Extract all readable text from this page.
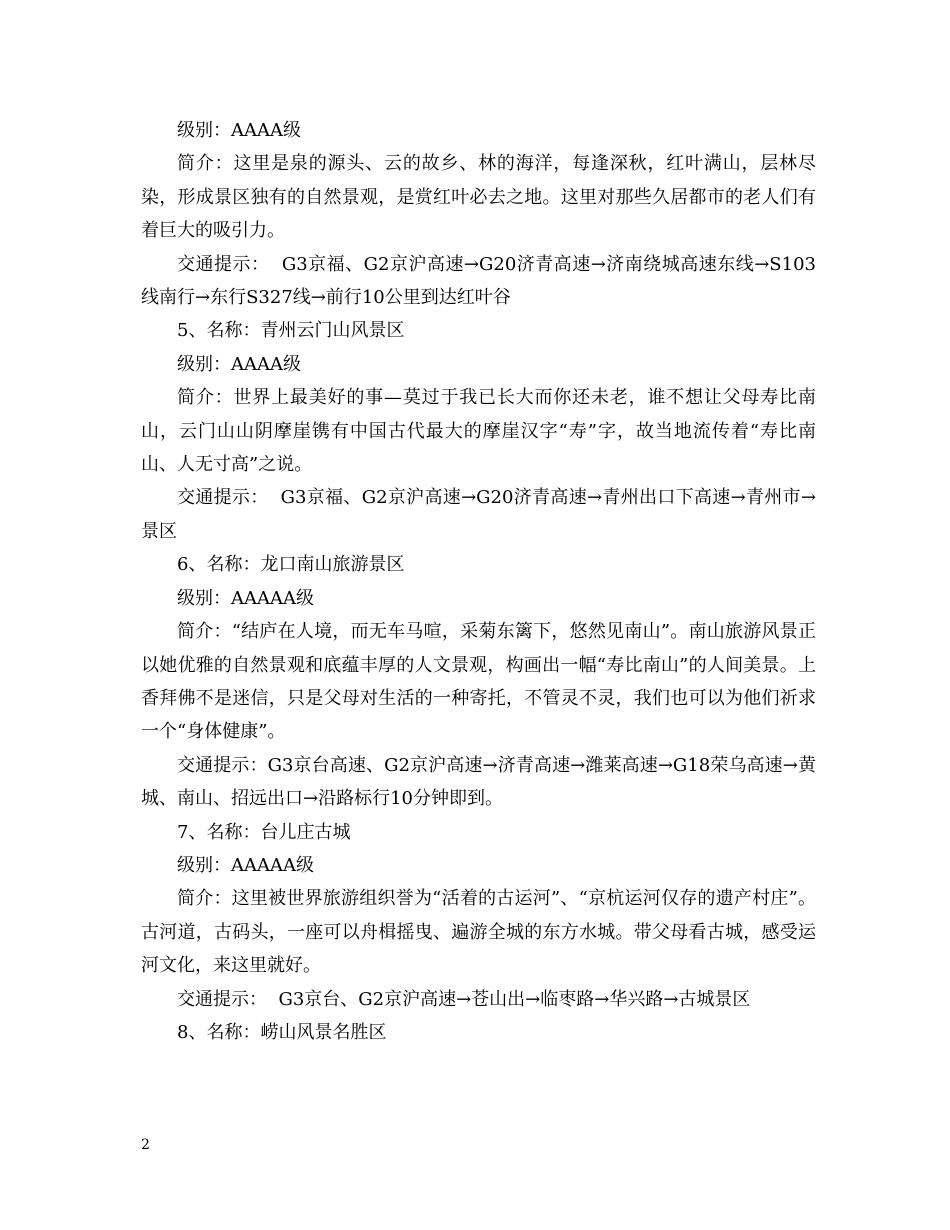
级别：AAAA级

简介：这里是泉的源头、云的故乡、林的海洋，每逢深秋，红叶满山，层林尽染，形成景区独有的自然景观，是赏红叶必去之地。这里对那些久居都市的老人们有着巨大的吸引力。

交通提示：  G3京福、G2京沪高速→G20济青高速→济南绕城高速东线→S103线南行→东行S327线→前行10公里到达红叶谷

5、名称：青州云门山风景区

级别：AAAA级

简介：世界上最美好的事—莫过于我已长大而你还未老，谁不想让父母寿比南山，云门山山阴摩崖镌有中国古代最大的摩崖汉字“寿”字，故当地流传着“寿比南山、人无寸高”之说。

交通提示：  G3京福、G2京沪高速→G20济青高速→青州出口下高速→青州市→景区

6、名称：龙口南山旅游景区

级别：AAAAA级

简介：“结庐在人境，而无车马喧，采菊东篱下，悠然见南山”。南山旅游风景正以她优雅的自然景观和底蕴丰厚的人文景观，构画出一幅“寿比南山”的人间美景。上香拜佛不是迷信，只是父母对生活的一种寄托，不管灵不灵，我们也可以为他们祈求一个“身体健康”。

交通提示：G3京台高速、G2京沪高速→济青高速→潍莱高速→G18荣乌高速→黄城、南山、招远出口→沿路标行10分钟即到。

7、名称：台儿庄古城

级别：AAAAA级

简介：这里被世界旅游组织誉为“活着的古运河”、“京杭运河仅存的遗产村庄”。古河道，古码头，一座可以舟楫摇曳、遍游全城的东方水城。带父母看古城，感受运河文化，来这里就好。

交通提示：  G3京台、G2京沪高速→苍山出→临枣路→华兴路→古城景区

8、名称：崂山风景名胜区

2
